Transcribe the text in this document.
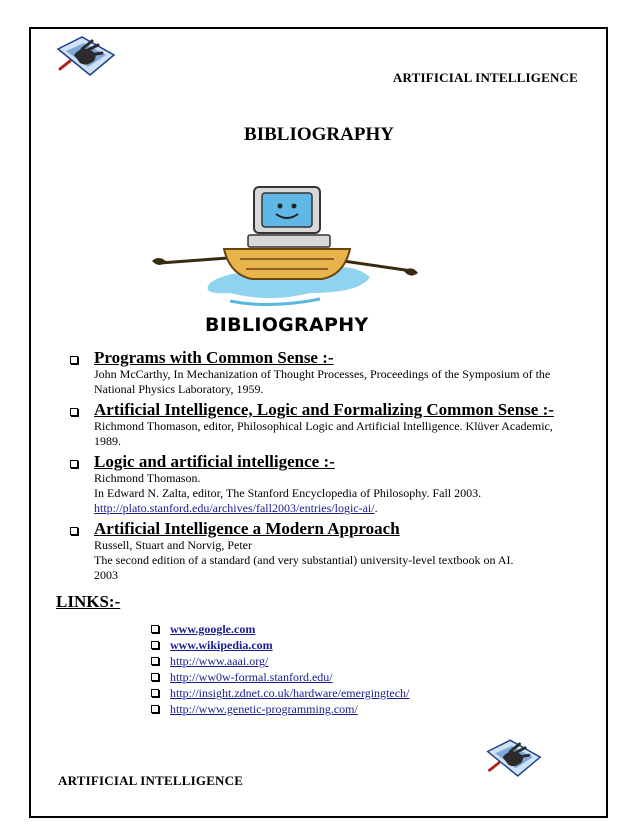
ARTIFICIAL INTELLIGENCE
BIBLIOGRAPHY
BIBLIOGRAPHY
Programs with Common Sense :-
John McCarthy, In Mechanization of Thought Processes, Proceedings of the Symposium of the
National Physics Laboratory, 1959.
Artificial Intelligence, Logic and Formalizing Common Sense :-
Richmond Thomason, editor, Philosophical Logic and Artificial Intelligence. Klüver Academic,
1989.
Logic and artificial intelligence :-
Richmond Thomason.
In Edward N. Zalta, editor, The Stanford Encyclopedia of Philosophy. Fall 2003.
http://plato.stanford.edu/archives/fall2003/entries/logic-ai/.
Artificial Intelligence a Modern Approach
Russell, Stuart and Norvig, Peter
The second edition of a standard (and very substantial) university-level textbook on AI.
2003
LINKS:-
www.google.com
www.wikipedia.com
http://www.aaai.org/
http://ww0w-formal.stanford.edu/
http://insight.zdnet.co.uk/hardware/emergingtech/
http://www.genetic-programming.com/
ARTIFICIAL INTELLIGENCE
